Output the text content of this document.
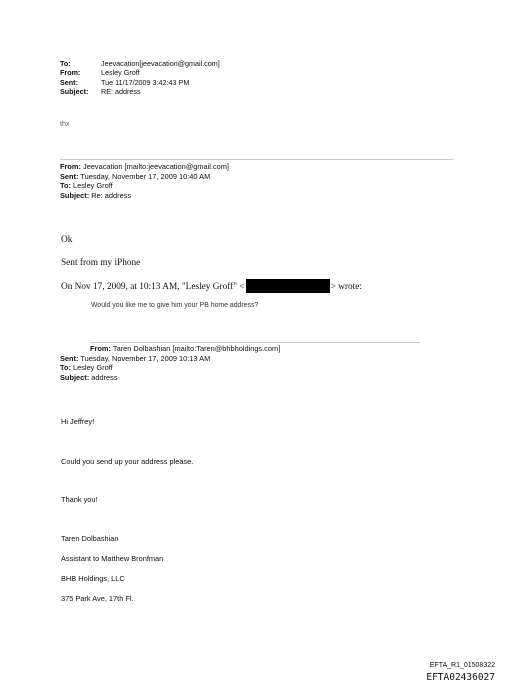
To:	Jeevacation[jeevacation@gmail.com]
From:	Lesley Groff
Sent:	Tue 11/17/2009 3:42:43 PM
Subject: RE: address
thx
From: Jeevacation [mailto:jeevacation@gmail.com]
Sent: Tuesday, November 17, 2009 10:40 AM
To: Lesley Groff
Subject: Re: address
Ok
Sent from my iPhone
On Nov 17, 2009, at 10:13 AM, "Lesley Groff" <	> wrote:
Would you like me to give him your PB home address?
From: Taren Dolbashian [mailto:Taren@bhbholdings.com]
Sent: Tuesday, November 17, 2009 10:13 AM
To: Lesley Groff
Subject: address
Hi Jeffrey!
Could you send up your address please.
Thank you!
Taren Dolbashian
Assistant to Matthew Bronfman
BHB Holdings, LLC
375 Park Ave, 17th Fl.
EFTA_R1_01508322
EFTA02436027
